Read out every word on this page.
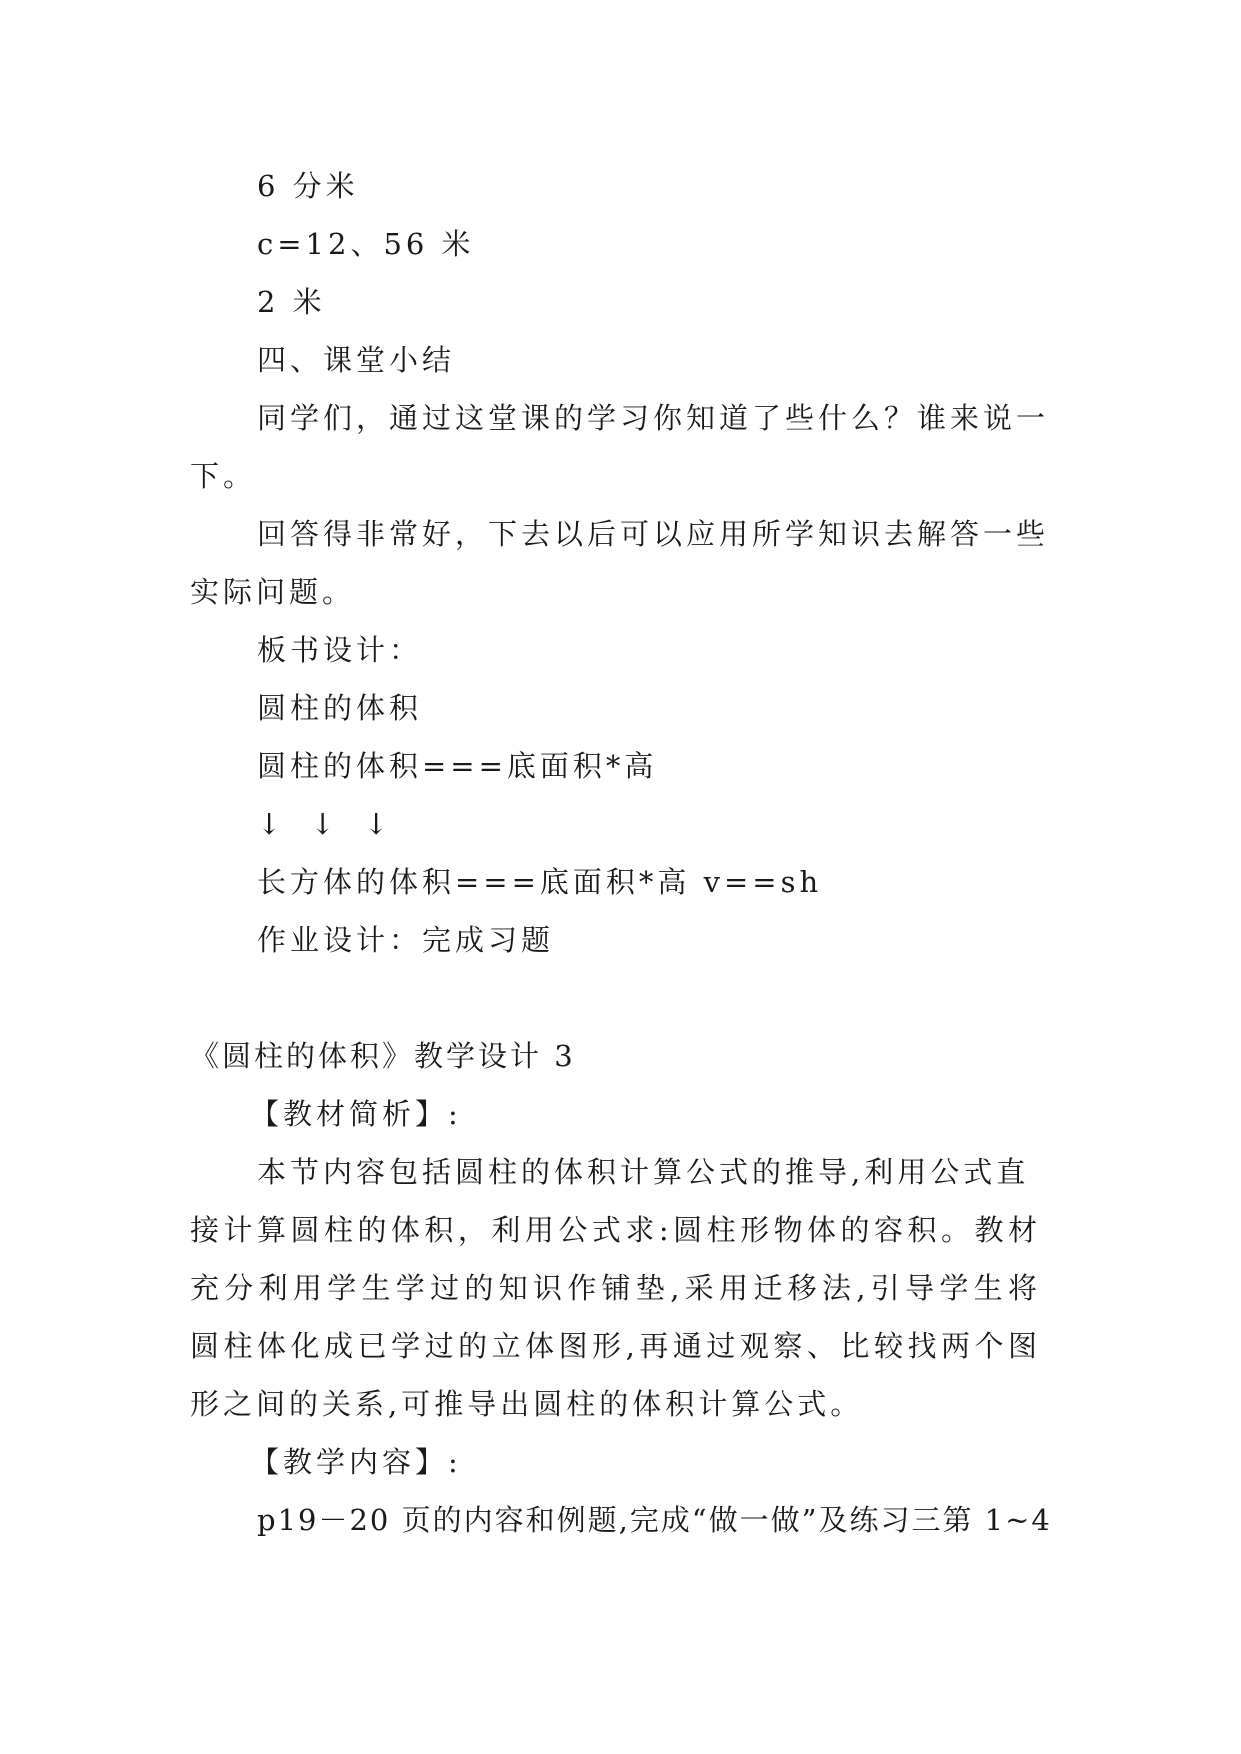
6 分米
c=12、56 米
2 米
四、课堂小结
同学们，通过这堂课的学习你知道了些什么？谁来说一
下。
回答得非常好，下去以后可以应用所学知识去解答一些
实际问题。
板书设计：
圆柱的体积
圆柱的体积===底面积*高
↓ ↓ ↓
长方体的体积===底面积*高 v==sh
作业设计：完成习题
《圆柱的体积》教学设计 3
【教材简析】:
本节内容包括圆柱的体积计算公式的推导,利用公式直
接计算圆柱的体积，利用公式求:圆柱形物体的容积。教材
充分利用学生学过的知识作铺垫,采用迁移法,引导学生将
圆柱体化成已学过的立体图形,再通过观察、比较找两个图
形之间的关系,可推导出圆柱的体积计算公式。
【教学内容】:
p19－20 页的内容和例题,完成“做一做”及练习三第 1~4
